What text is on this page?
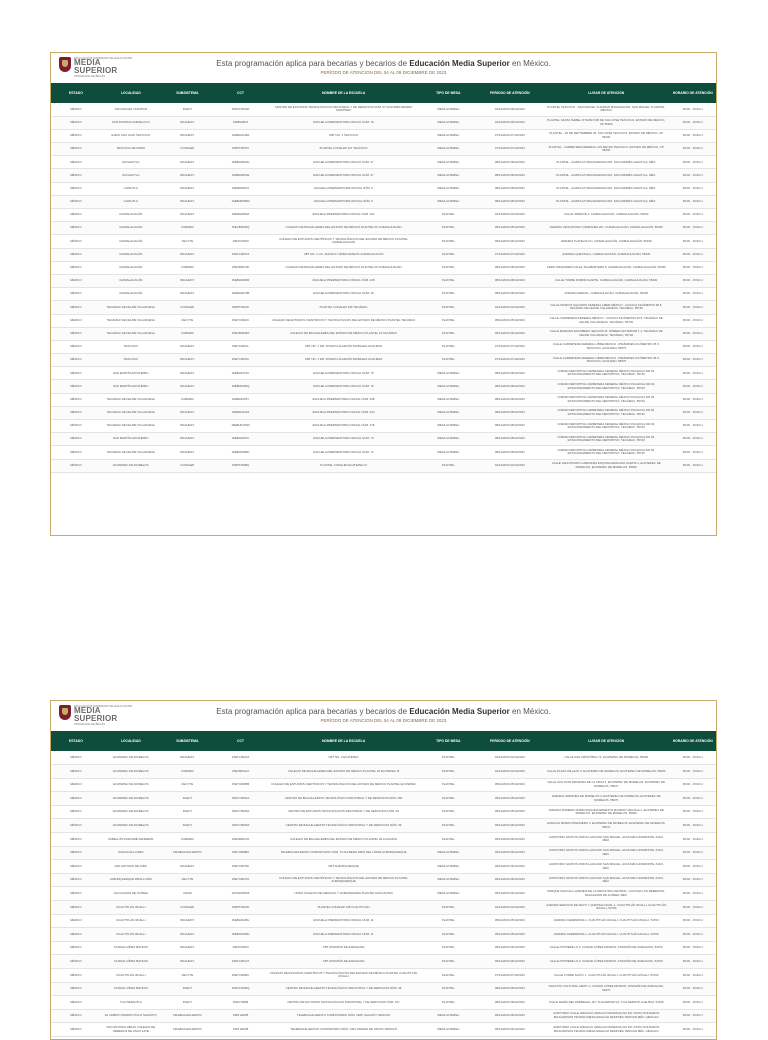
EDUCACIÓN SUPERIOR DE EDUCACIÓN
MEDIA
SUPERIOR
PROGRAMA DE BECAS
Esta programación aplica para becarias y becarios de Educación Media Superior en México.
PERÍODO DE ATENCIÓN DEL 04 AL 09 DICIEMBRE DE 2023
ESTADO	LOCALIDAD	SUBSISTEMA	CCT	NOMBRE DE LA ESCUELA	TIPO DE MESA	PERIODO DE ATENCIÓN	LUGAR DE ATENCIÓN	HORARIO DE ATENCIÓN
MÉXICO	SAN MIGUEL TLAIXPAN	DGETI	15DCT0001D	CENTRO DE ESTUDIOS TECNOLÓGICOS INDUSTRIAL Y DE SERVICIOS NÚM. 57 DOLORES IBARRA MARTÍNEZ	MESA ALTERNA	04/12/2023-09/12/2023	PLANTEL TEXCOCO - SAN MIGUEL TLAIXPAN MANZANA 091, SAN MIGUEL TLAIXPAN, MÉXICO	09:00 - 15:00 H
MÉXICO	SAN DIONISIO ANIMALUCO	BACHEST	15EBH0027	ESCUELA PREPARATORIA OFICIAL NÚM. 79	MESA ALTERNA	04/12/2023-09/12/2023	PLANTEL SANTA ISABEL IXTAPAN 530 DE SAN JOSÉ TEXCOCO, ESTADO DE MÉXICO, CP 56200	09:00 - 15:00 H
MÉXICO	EJIDO SAN JUAN TEXCOCO	BACHEST	15EBH0148A	CBT NO. 1 TEXCOCO	MESA ALTERNA	07/12/2023-07/12/2023	PLANTEL - 18 DE SEPTIEMBRE 36, SAN JOSÉ TEXCOCO, ESTADO DE MÉXICO, CP 56200	09:00 - 15:00 H
MÉXICO	TEXCOCO DE MORA	CONALEP	15DPT0007C	PLANTEL CONALEP 167 TEXCOCO	MESA ALTERNA	07/12/2023-07/12/2023	PLANTEL - CARRETERA FEDERAL LOS REYES TEXCOCO, ESTADO DE MÉXICO, CP 56200	09:00 - 15:00 H
MÉXICO	ZACAHUTLA	BACHEST	15EBH0091H	ESCUELA PREPARATORIA OFICIAL NÚM. 27	MESA ALTERNA	08/12/2023-08/12/2023	PLANTEL - AGRICULTURA MANZANA 015, SAN ANDRÉS CHIAUTLA, MÉX.	09:00 - 15:00 H
MÉXICO	ZACAHUTLA	BACHEST	15EBH0051E	ESCUELA PREPARATORIA OFICIAL NÚM. 27	MESA ALTERNA	08/12/2023-08/12/2023	PLANTEL - AGRICULTURA MANZANA 015, SAN ANDRÉS CHIAUTLA, MÉX.	09:00 - 15:00 H
MÉXICO	CHIAUTLA	BACHEST	15EBH0060T	ESCUELA PREPARATORIA OFICIAL NÚM. 9	MESA ALTERNA	08/12/2023-08/12/2023	PLANTEL - AGRICULTURA MANZANA 015, SAN ANDRÉS CHIAUTLA, MÉX.	09:00 - 15:00 H
MÉXICO	CHIAUTLA	BACHEST	15EBH0060M	ESCUELA PREPARATORIA OFICIAL NÚM. 9	MESA ALTERNA	08/12/2023-08/12/2023	PLANTEL - AGRICULTURA MANZANA 015, SAN ANDRÉS CHIAUTLA, MÉX.	09:00 - 15:00 H
MÉXICO	CHIMALHUACÁN	BACHEST	15EBH0050Z	ESCUELA PREPARATORIA OFICIAL NÚM. 164	PLANTEL	04/12/2023-04/12/2023	CALLE ORIENTE 2, CHIMALHUACÁN, CHIMALHUACÁN, 56330	09:00 - 15:00 H
MÉXICO	CHIMALHUACÁN	COBAEM	15ECB0025Q	COLEGIO DE BACHILLERES DEL ESTADO DE MÉXICO PLANTEL 63 CHIMALHUACÁN	PLANTEL	05/12/2023-05/12/2023	AVENIDA VENUSTIANO CARRANZA 201, CHIMALHUACÁN, CHIMALHUACÁN, 56330	09:00 - 15:00 H
MÉXICO	CHIMALHUACÁN	CECYTE	15ETC0020I	COLEGIO DE ESTUDIOS CIENTÍFICOS Y TECNOLÓGICOS DEL ESTADO DE MÉXICO PLANTEL CHIMALHUACÁN	PLANTEL	06/12/2023-06/12/2023	AVENIDA TLATELOLCO, CHIMALHUACÁN, CHIMALHUACÁN, 56330	09:00 - 15:00 H
MÉXICO	CHIMALHUACÁN	BACHEST	15ETC0007Z	CBT NO. 1 LIC. ADOLFO LÓPEZ MATEOS CHIMALHUACÁN	PLANTEL	07/12/2023-07/12/2023	AVENIDA QUETZALLI, CHIMALHUACÁN, CHIMALHUACÁN, 56330	09:00 - 15:00 H
MÉXICO	CHIMALHUACÁN	COBAEM	15ECB0013K	COLEGIO DE BACHILLERES DEL ESTADO DE MÉXICO PLANTEL 20 CHIMALHUACÁN	PLANTEL	08/12/2023-08/12/2023	CERO ORADORES CALLE TALABARTERO 8, CHIMALHUACÁN, CHIMALHUACÁN, 56330	09:00 - 15:00 H
MÉXICO	CHIMALHUACÁN	BACHEST	15EBH0203R	ESCUELA PREPARATORIA OFICIAL NÚM. 138	PLANTEL	08/12/2023-08/12/2023	CALLE TORRE PARRICOLARTE, CHIMALHUACÁN, CHIMALHUACÁN, 56340	09:00 - 15:00 H
MÉXICO	CHIMALHUACÁN	BACHEST	15EBH0079B	ESCUELA PREPARATORIA OFICIAL NÚM. 15	PLANTEL	08/12/2023-08/12/2023	AVENIDA ARENAL, CHIMALHUACÁN, CHIMALHUACÁN, 56330	09:00 - 15:00 H
MÉXICO	TECAMAC DE FELIPE VILLANUEVA	CONALEP	15DPT0016K	PLANTEL CONALEP 196 TECÁMAC	PLANTEL	04/12/2023-04/12/2023	CALLE MATEOS SACADOS FEDERAL LIBRE MÉXICO - OAXACA KILÓMETRO 38.5, TECÁMAC DE FELIPE VILLANUEVA, TECÁMAC, 55740	09:00 - 15:00 H
MÉXICO	TECAMAC DE FELIPE VILLANUEVA	CECYTE	15ETC0016C	COLEGIO DE ESTUDIOS CIENTÍFICOS Y TECNOLÓGICOS DEL ESTADO DE MÉXICO PLANTEL TECÁMAC	PLANTEL	05/12/2023-05/12/2023	CALLE CARRETERA FEDERAL MÉXICO - OAXACA KILÓMETRO 36.5, TECÁMAC DE FELIPE VILLANUEVA, TECÁMAC, 55740	09:00 - 15:00 H
MÉXICO	TECAMAC DE FELIPE VILLANUEVA	COBAEM	15ECB0008A	COLEGIO DE BACHILLERES DEL ESTADO DE MÉXICO PLANTEL 19 TECÁMAC	PLANTEL	06/12/2023-06/12/2023	CALLE MARIANO ESCOBEDO SECCIÓN B, NÚMERO EXTERIOR 1-1, TECÁMAC DE FELIPE VILLANUEVA, TECÁMAC, 55740	09:00 - 15:00 H
MÉXICO	TEXCOCO	BACHEST	15ETC0021L	CBT NO. 1 DR. DONATO ALARCÓN MORALES ACOLMAN	PLANTEL	07/12/2023-07/12/2023	CALLE CARRETERA FEDERAL LIBRE MÉXICO - PIRÁMIDES KILÓMETRO 35.5, TEXCOCO, ACOLMAN, 55875	09:00 - 15:00 H
MÉXICO	TEXCOCO	BACHEST	15ETC0070C	CBT NO. 1 DR. DONATO ALARCÓN MORALES ACOLMAN	PLANTEL	07/12/2023-07/12/2023	CALLE CARRETERA FEDERAL LIBRE MÉXICO - PIRÁMIDES KILÓMETRO 35.5, TEXCOCO, ACOLMAN, 55875	09:00 - 15:00 H
MÉXICO	SAN MARTÍN AZCATEPEC	BACHEST	15EBH0173C	ESCUELA PREPARATORIA OFICIAL NÚM. 76	MESA ALTERNA	08/12/2023-08/12/2023	UNIDAD DEPORTIVA CARRETERA FEDERAL MÉXICO PACHUCA KM 30, ESTACIONAMIENTO DEL DEPORTIVO, TECÁMAC, 55740	09:00 - 15:00 H
MÉXICO	SAN MARTÍN AZCATEPEC	BACHEST	15EBH0153Q	ESCUELA PREPARATORIA OFICIAL NÚM. 76	MESA ALTERNA	08/12/2023-08/12/2023	UNIDAD DEPORTIVA CARRETERA FEDERAL MÉXICO PACHUCA KM 30, ESTACIONAMIENTO DEL DEPORTIVO, TECÁMAC, 55740	09:00 - 15:00 H
MÉXICO	TECAMAC DE FELIPE VILLANUEVA	COBAEM	15EBH0106Y	ESCUELA PREPARATORIA OFICIAL NÚM. 208	MESA ALTERNA	08/12/2023-08/12/2023	UNIDAD DEPORTIVA CARRETERA FEDERAL MÉXICO PACHUCA KM 30, ESTACIONAMIENTO DEL DEPORTIVO, TECÁMAC, 55740	09:00 - 15:00 H
MÉXICO	TECAMAC DE FELIPE VILLANUEVA	BACHEST	15EBH0142Z	ESCUELA PREPARATORIA OFICIAL NÚM. 243	MESA ALTERNA	08/12/2023-08/12/2023	UNIDAD DEPORTIVA CARRETERA FEDERAL MÉXICO PACHUCA KM 30, ESTACIONAMIENTO DEL DEPORTIVO, TECÁMAC, 55740	09:00 - 15:00 H
MÉXICO	TECAMAC DE FELIPE VILLANUEVA	BACHEST	15EBH0145W	ESCUELA PREPARATORIA OFICIAL NÚM. 276	MESA ALTERNA	08/12/2023-08/12/2023	UNIDAD DEPORTIVA CARRETERA FEDERAL MÉXICO PACHUCA KM 30, ESTACIONAMIENTO DEL DEPORTIVO, TECÁMAC, 55740	09:00 - 15:00 H
MÉXICO	SAN MARTÍN AZCATEPEC	BACHEST	15EBH0197C	ESCUELA PREPARATORIA OFICIAL NÚM. 74	MESA ALTERNA	08/12/2023-08/12/2023	UNIDAD DEPORTIVA CARRETERA FEDERAL MÉXICO PACHUCA KM 30, ESTACIONAMIENTO DEL DEPORTIVO, TECÁMAC, 55740	09:00 - 15:00 H
MÉXICO	TECAMAC DE FELIPE VILLANUEVA	BACHEST	15EBH0189H	ESCUELA PREPARATORIA OFICIAL NÚM. 72	MESA ALTERNA	08/12/2023-08/12/2023	UNIDAD DEPORTIVA CARRETERA FEDERAL MÉXICO PACHUCA KM 30, ESTACIONAMIENTO DEL DEPORTIVO, TECÁMAC, 55740	09:00 - 15:00 H
MÉXICO	ECATEPEC DE MORELOS	CONALEP	15DPT0005H	PLANTEL CONALEP ECATEPEC III	PLANTEL	04/12/2023-04/12/2023	CALLE VENUSTIANO CARRANZA ESQUINA EMILIANO ZAPATA 1, ECATEPEC DE MORELOS, ECATEPEC DE MORELOS, 55000	09:00 - 15:00 H
EDUCACIÓN SUPERIOR DE EDUCACIÓN
MEDIA
SUPERIOR
PROGRAMA DE BECAS
Esta programación aplica para becarias y becarios de Educación Media Superior en México.
PERÍODO DE ATENCIÓN DEL 04 AL 09 DICIEMBRE DE 2023
ESTADO	LOCALIDAD	SUBSISTEMA	CCT	NOMBRE DE LA ESCUELA	TIPO DE MESA	PERIODO DE ATENCIÓN	LUGAR DE ATENCIÓN	HORARIO DE ATENCIÓN
MÉXICO	ECATEPEC DE MORELOS	BACHEST	15ETC0001Z	CBT NO. 2 ECATEPEC	PLANTEL	04/12/2023-04/12/2023	CALLE SAN CRISTÓBAL 71, ECATEPEC DE MORELOS, 55000	09:00 - 15:00 H
MÉXICO	ECATEPEC DE MORELOS	COBAEM	15ECB0012J	COLEGIO DE BACHILLERES DEL ESTADO DE MÉXICO PLANTEL 18 ECATEPEC III	PLANTEL	04/12/2023-04/12/2023	CALLE PLAZA VALLEJO 3, ECATEPEC DE MORELOS, ECATEPEC DE MORELOS, 55000	09:00 - 15:00 H
MÉXICO	ECATEPEC DE MORELOS	CECYTE	15ETC0005B	COLEGIO DE ESTUDIOS CIENTÍFICOS Y TECNOLÓGICOS DEL ESTADO DE MÉXICO PLANTEL ECATEPEC	PLANTEL	05/12/2023-05/12/2023	VALLE SAN JUAN MANZANA DE LA CRUZ 3, ECATEPEC DE MORELOS, ECATEPEC DE MORELOS, 55070	09:00 - 15:00 H
MÉXICO	ECATEPEC DE MORELOS	DGETI	15DCT0054A	CENTRO DE BACHILLERATO TECNOLÓGICO INDUSTRIAL Y DE SERVICIOS NÚM. 250	PLANTEL	05/12/2023-05/12/2023	AVENIDA JARDINES DE MORELOS 3, ECATEPEC DE MORELOS, ECATEPEC DE MORELOS, 55070	09:00 - 15:00 H
MÉXICO	ECATEPEC DE MORELOS	DGETI	15DCT0006A	CENTRO DE ESTUDIOS TECNOLÓGICOS INDUSTRIAL Y DE SERVICIOS NÚM. 29	PLANTEL	05/12/2023-05/12/2023	AVENIDA ROMERO RUBIO ESQUINA ERNESTO MONROY MALAGA 1, ECATEPEC DE MORELOS, ECATEPEC DE MORELOS, 55000	09:00 - 15:00 H
MÉXICO	ECATEPEC DE MORELOS	DGETI	15DCT0065A	CENTRO DE BACHILLERATO TECNOLÓGICO INDUSTRIAL Y DE SERVICIOS NÚM. 39	PLANTEL	06/12/2023-06/12/2023	HIDALGO MISMO MISIONERO 4, ECATEPEC DE MORELOS, ECATEPEC DE MORELOS, 55070	09:00 - 15:00 H
MÉXICO	PABELLÓN PARLAMÉ PENDERÍA	COBAEM	15ECB0013X	COLEGIO DE BACHILLERES DEL ESTADO DE MÉXICO PLANTEL 39 ACOLMAN	PLANTEL	06/12/2023-06/12/2023	AUDITORIO SANTOS ORIOS LAZCANO SAN MIGUEL, ACOLMAN HORIZONTE JUAN, MÉX.	09:00 - 15:00 H
MÉXICO	SANJACALLOISES	TELEBACHILLERATO	15ETH0088X	TELEBACHILLERATO COMUNITARIO NÚM. 70 ALFREDO ERIO DEL LÓPEZ ALBURQUERQUE	MESA ALTERNA	06/12/2023-06/12/2023	AUDITORIO SANTOS ORIOS LAZCANO SAN MIGUEL, ACOLMAN HORIZONTE JUAN, MÉX.	09:00 - 15:00 H
MÉXICO	SAN ANTONIO DE ATEC	BACHEST	15ETC0079K	CBT ALBURQUERQUE	MESA ALTERNA	06/12/2023-06/12/2023	AUDITORIO SANTOS ORIOS LAZCANO SAN MIGUEL, ACOLMAN HORIZONTE JUAN, MÉX.	09:00 - 15:00 H
MÉXICO	ALBURQUERQUE DROLLUNDI	CECYTE	15ETC0070X	COLEGIO DE ESTUDIOS CIENTÍFICOS Y TECNOLÓGICOS DEL ESTADO DE MÉXICO PLANTEL ALBURQUERQUE	MESA ALTERNA	06/12/2023-06/12/2023	AUDITORIO SANTOS ORIOS LAZCANO SAN MIGUEL, ACOLMAN HORIZONTE JUAN, MÉX.	09:00 - 15:00 H
MÉXICO	NAUCALPAN DE JUÁREZ	UNAM	15UNH0005Z	UNAM COLEGIO DE CIENCIAS Y HUMANIDADES PLANTEL NAUCALPAN	MESA ALTERNA	06/12/2023-06/12/2023	PARQUE NAUCALLI AVENIDA DE LA INDUSTRIA CENTRAL, COLONIA LOS REMEDIOS, NAUCALPAN DE JUÁREZ, MÉX.	09:00 - 15:00 H
MÉXICO	CUAUTITLÁN IZCALLI	CONALEP	15DPT0015D	PLANTEL CONALEP 198 CUAUTITLÁN	PLANTEL	04/12/2023-04/12/2023	AVENIDA SERVICIO DE MAYO Y QUETZALCOATL 1, CUAUTITLÁN IZCALLI, CUAUTITLÁN IZCALLI, 54700	09:00 - 15:00 H
MÉXICO	CUAUTITLÁN IZCALLI	BACHEST	15EBH0125H	ESCUELA PREPARATORIA OFICIAL NÚM. 11	PLANTEL	05/12/2023-05/12/2023	AVENIDA CEREMONIA 1, CUAUTITLÁN IZCALLI, CUAUTITLÁN IZCALLI, 54700	09:00 - 15:00 H
MÉXICO	CUAUTITLÁN IZCALLI	BACHEST	15EBH0109H	ESCUELA PREPARATORIA OFICIAL NÚM. 11	PLANTEL	05/12/2023-05/12/2023	AVENIDA CEREMONIA 1, CUAUTITLÁN IZCALLI, CUAUTITLÁN IZCALLI, 54700	09:00 - 15:00 H
MÉXICO	CIUDAD LÓPEZ MATEOS	BACHEST	15ETC0003I	CBT ATIZAPÁN DE ZARAGOZA	PLANTEL	06/12/2023-06/12/2023	CALLE POTRERILLO 3, CIUDAD LÓPEZ MATEOS, ATIZAPÁN DE ZARAGOZA, 52970	09:00 - 15:00 H
MÉXICO	CIUDAD LÓPEZ MATEOS	BACHEST	15ETC0010T	CBT ATIZAPÁN DE ZARAGOZA	PLANTEL	06/12/2023-06/12/2023	CALLE POTRERILLO 3, CIUDAD LÓPEZ MATEOS, ATIZAPÁN DE ZARAGOZA, 52970	09:00 - 15:00 H
MÉXICO	CUAUTITLÁN IZCALLI	CECYTE	15ETC0006C	COLEGIO DE ESTUDIOS CIENTÍFICOS Y TECNOLÓGICOS DEL ESTADO DE MÉXICO PLANTEL CUAUTITLÁN IZCALLI	PLANTEL	07/12/2023-07/12/2023	CALLE TORRE NAÚTL 1, CUAUTITLÁN IZCALLI, CUAUTITLÁN IZCALLI, 54700	09:00 - 15:00 H
MÉXICO	CIUDAD LÓPEZ MATEOS	DGETI	15DCT0030Q	CENTRO DE BACHILLERATO TECNOLÓGICO INDUSTRIAL Y DE SERVICIOS NÚM. 36	PLANTEL	08/12/2023-08/12/2023	CIRCUITO CULTURAL AMATL 3, CIUDAD LÓPEZ MATEOS, ATIZAPÁN DE ZARAGOZA, 52970	09:00 - 15:00 H
MÉXICO	TLALNEPANTLA	DGETI	15DCT0086	CENTRO DE ESTUDIOS TECNOLÓGICOS INDUSTRIAL Y DE SERVICIOS NÚM. 107	PLANTEL	08/12/2023-08/12/2023	CALLE MARÍA DEL PEDREGAL 111, TLALNEPANTLA, TLALNEPANTLA DE BAZ, 54150	09:00 - 15:00 H
MÉXICO	EL OMBITO (BARRIO PULO SALVATO)	TELEBACHILLERATO	15ETH0028	TELEBACHILLERATO COMUNITARIO NÚM. 1480, SALVATO TENIXAN	MESA ALTERNA	06/12/2023-06/12/2023	AUDITORIO CALLE HIDALGO HIDALGO MANZANA 021 DO VISITO SOLDADOS MILAGROSOS TENIXAN MESA HIDALGO DESPUÉS TENIXAN MÉX. HIDALGO	09:00 - 15:00 H
MÉXICO	SAN ANTONIO ABAJO COLEGIO DE OBREROS DE ATACTLATE	TELEBACHILLERATO	15ETH0048	TELEBACHILLERATO COMUNITARIO NÚM. 1491 ORIGEN DE SANTO TENIXAN	MESA ALTERNA	06/12/2023-06/12/2023	AUDITORIO CALLE HIDALGO HIDALGO MANZANA 021 DO VISITO SOLDADOS MILAGROSOS TENIXAN MESA HIDALGO DESPUÉS TENIXAN MÉX. HIDALGO	09:00 - 15:00 H
